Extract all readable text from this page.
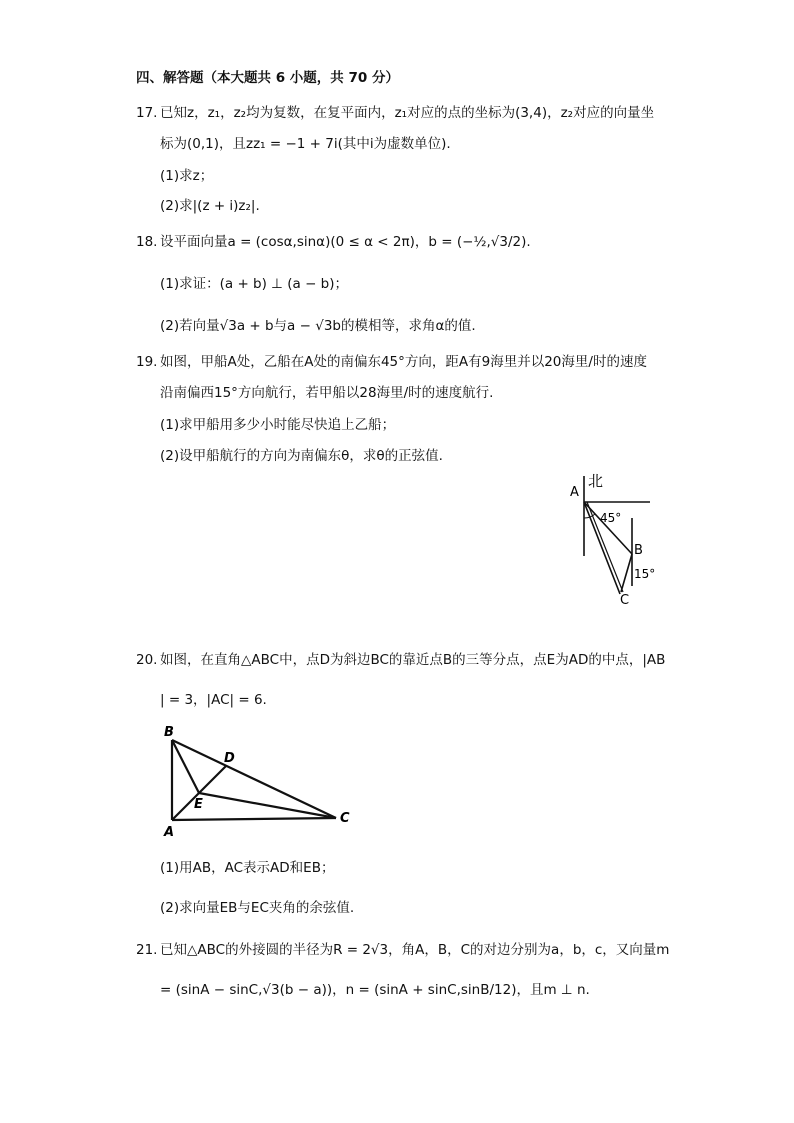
四、解答题（本大题共 6 小题，共 70 分）
17. 已知z，z₁，z₂均为复数，在复平面内，z₁对应的点的坐标为(3,4)，z₂对应的向量坐
标为(0,1)，且zz₁ = −1 + 7i(其中i为虚数单位).
(1)求z；
(2)求|(z + i)z₂|.
18. 设平面向量a = (cosα,sinα)(0 ≤ α < 2π)，b = (−½,√3/2).
(1)求证：(a + b) ⊥ (a − b)；
(2)若向量√3a + b与a − √3b的模相等，求角α的值.
19. 如图，甲船A处，乙船在A处的南偏东45°方向，距A有9海里并以20海里/时的速度
沿南偏西15°方向航行，若甲船以28海里/时的速度航行.
(1)求甲船用多少小时能尽快追上乙船；
(2)设甲船航行的方向为南偏东θ，求θ的正弦值.
A
北
45°
B
15°
C
20. 如图，在直角△ABC中，点D为斜边BC的靠近点B的三等分点，点E为AD的中点，|AB
| = 3，|AC| = 6.
B
D
E
A
C
(1)用AB，AC表示AD和EB；
(2)求向量EB与EC夹角的余弦值.
21. 已知△ABC的外接圆的半径为R = 2√3，角A，B，C的对边分别为a，b，c，又向量m
= (sinA − sinC,√3(b − a))，n = (sinA + sinC,sinB/12)，且m ⊥ n.
